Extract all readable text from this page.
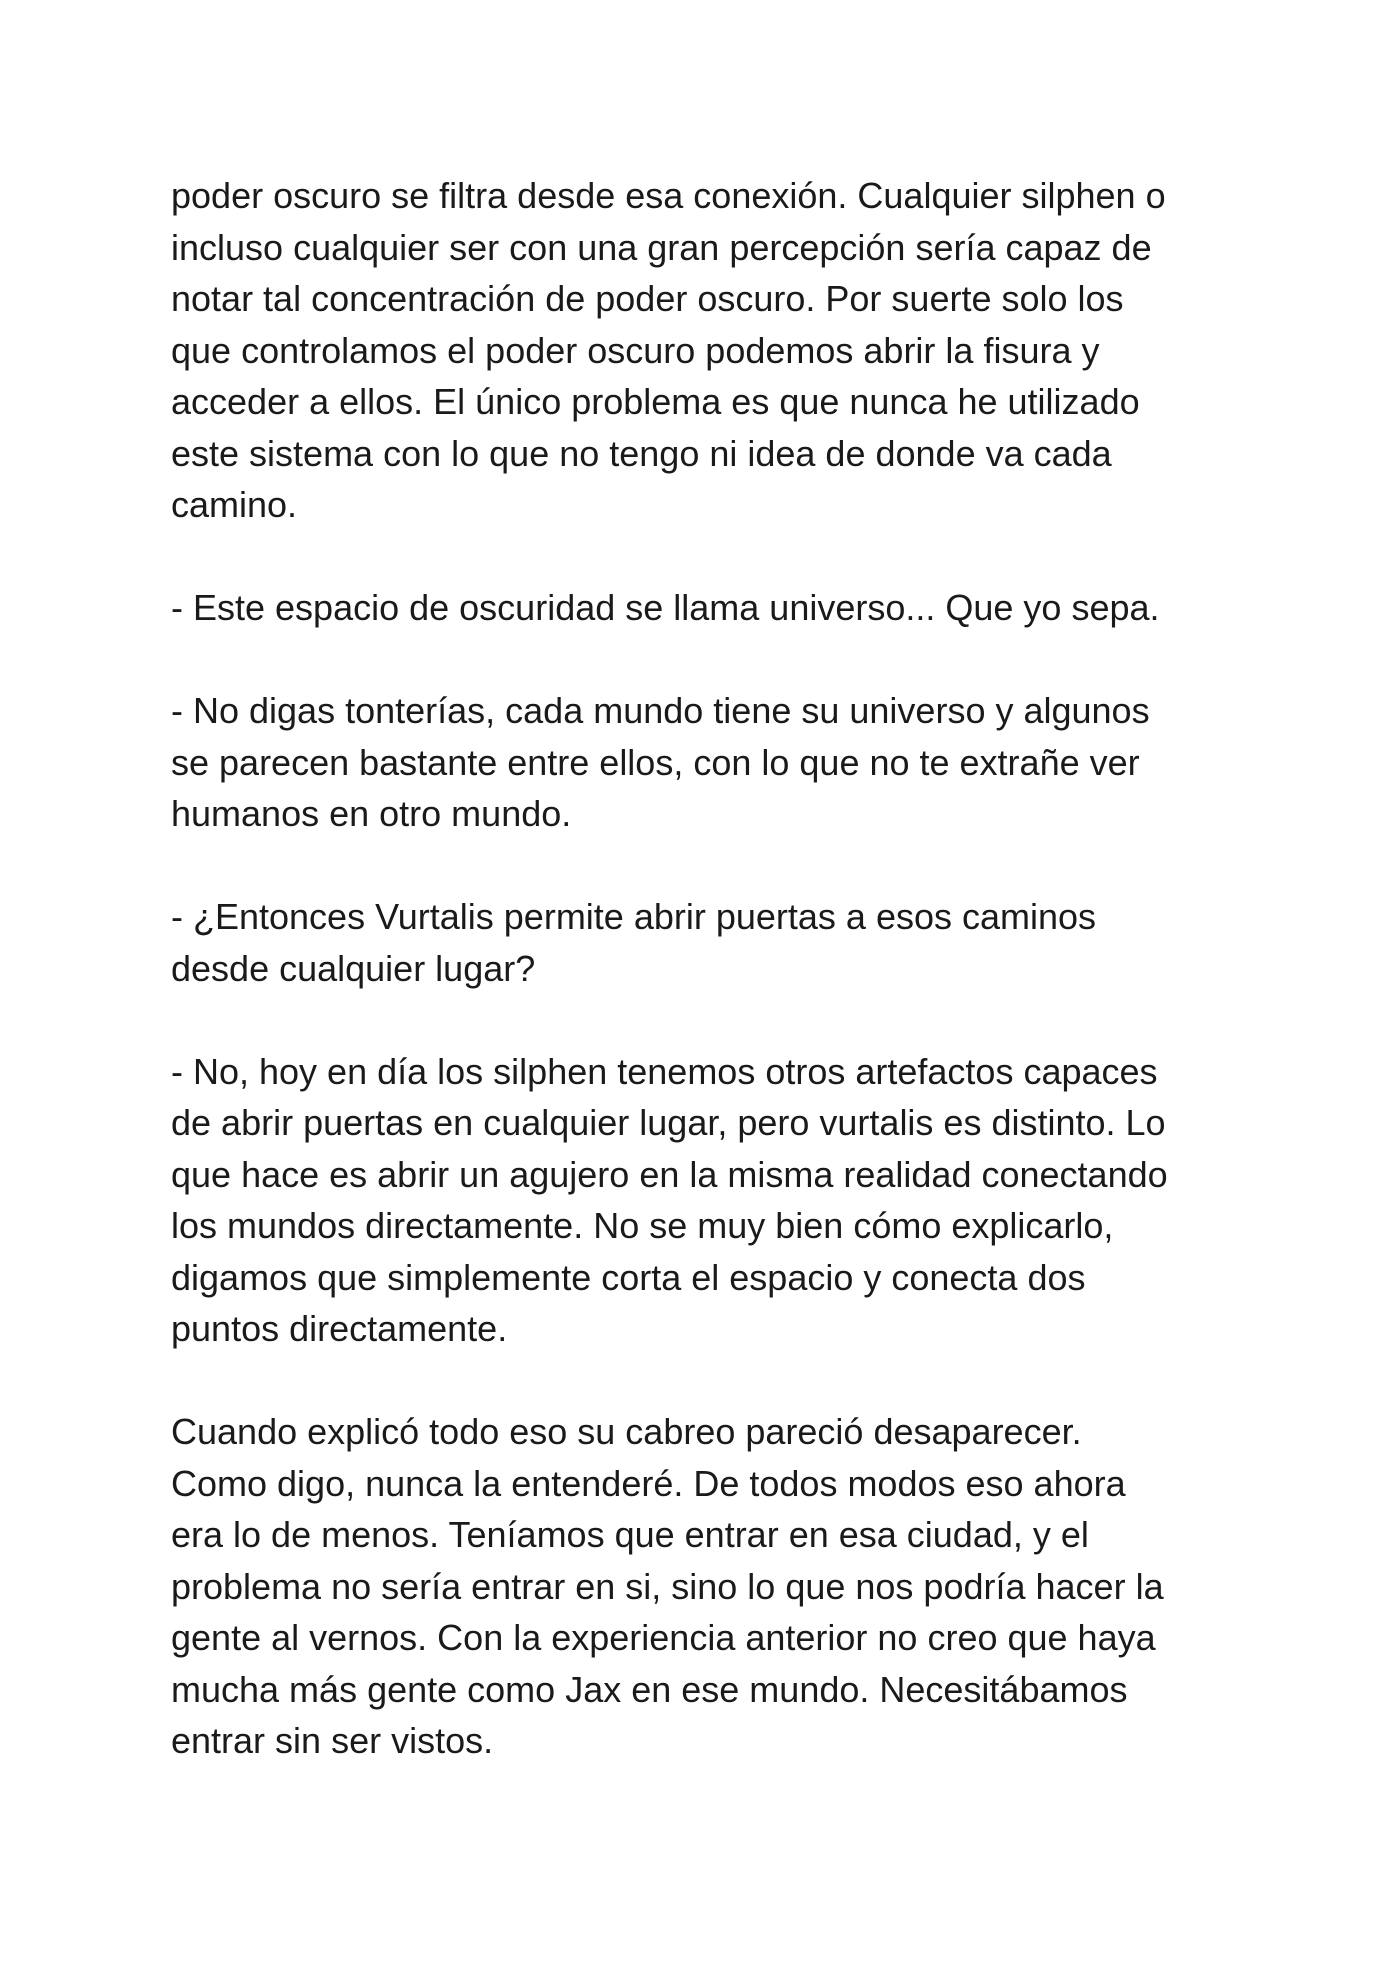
poder oscuro se filtra desde esa conexión. Cualquier silphen o
incluso cualquier ser con una gran percepción sería capaz de
notar tal concentración de poder oscuro. Por suerte solo los
que controlamos el poder oscuro podemos abrir la fisura y
acceder a ellos. El único problema es que nunca he utilizado
este sistema con lo que no tengo ni idea de donde va cada
camino.

- Este espacio de oscuridad se llama universo... Que yo sepa.

- No digas tonterías, cada mundo tiene su universo y algunos
se parecen bastante entre ellos, con lo que no te extrañe ver
humanos en otro mundo.

- ¿Entonces Vurtalis permite abrir puertas a esos caminos
desde cualquier lugar?

- No, hoy en día los silphen tenemos otros artefactos capaces
de abrir puertas en cualquier lugar, pero vurtalis es distinto. Lo
que hace es abrir un agujero en la misma realidad conectando
los mundos directamente. No se muy bien cómo explicarlo,
digamos que simplemente corta el espacio y conecta dos
puntos directamente.

Cuando explicó todo eso su cabreo pareció desaparecer.
Como digo, nunca la entenderé. De todos modos eso ahora
era lo de menos. Teníamos que entrar en esa ciudad, y el
problema no sería entrar en si, sino lo que nos podría hacer la
gente al vernos. Con la experiencia anterior no creo que haya
mucha más gente como Jax en ese mundo. Necesitábamos
entrar sin ser vistos.
